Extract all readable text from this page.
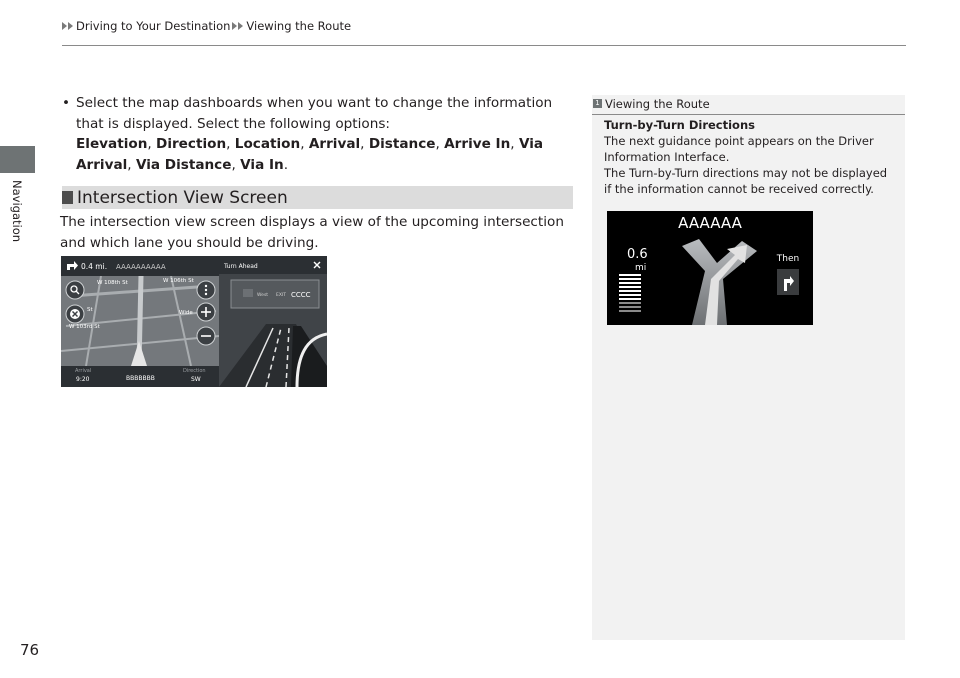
Driving to Your Destination Viewing the Route
Navigation
• Select the map dashboards when you want to change the information that is displayed. Select the following options:
Elevation, Direction, Location, Arrival, Distance, Arrive In, Via Arrival, Via Distance, Via In.
Intersection View Screen
The intersection view screen displays a view of the upcoming intersection and which lane you should be driving.
0.4 mi. AAAAAAAAAA
W 108th St	W 106th St
St
W 103rd St
Wide
Arrival
9:20	BBBBBBB
Direction
SW
Turn Ahead
West EXIT CCCC
1 Viewing the Route
Turn-by-Turn Directions
The next guidance point appears on the Driver Information Interface.
The Turn-by-Turn directions may not be displayed if the information cannot be received correctly.
AAAAAA
0.6
mi
Then
76
